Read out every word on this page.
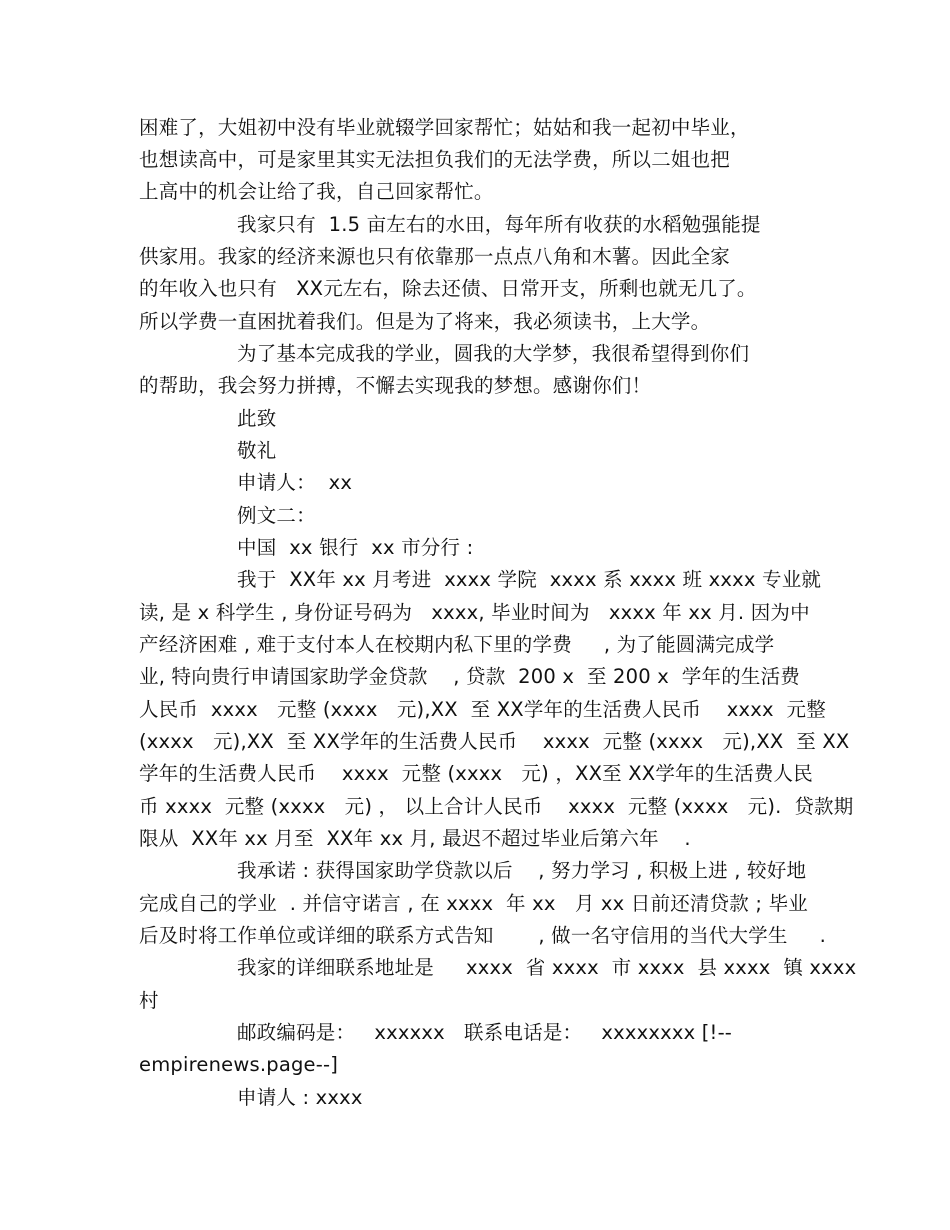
困难了，大姐初中没有毕业就辍学回家帮忙；姑姑和我一起初中毕业，
也想读高中，可是家里其实无法担负我们的无法学费，所以二姐也把
上高中的机会让给了我，自己回家帮忙。
我家只有  1.5 亩左右的水田，每年所有收获的水稻勉强能提
供家用。我家的经济来源也只有依靠那一点点八角和木薯。因此全家
的年收入也只有   XX元左右，除去还债、日常开支，所剩也就无几了。
所以学费一直困扰着我们。但是为了将来，我必须读书，上大学。
为了基本完成我的学业，圆我的大学梦，我很希望得到你们
的帮助，我会努力拼搏，不懈去实现我的梦想。感谢你们！
此致
敬礼
申请人：  xx
例文二：
中国  xx 银行  xx 市分行 :
我于  XX年 xx 月考进  xxxx 学院  xxxx 系 xxxx 班 xxxx 专业就
读, 是 x 科学生 , 身份证号码为   xxxx, 毕业时间为   xxxx 年 xx 月. 因为中
产经济困难 , 难于支付本人在校期内私下里的学费     , 为了能圆满完成学
业, 特向贵行申请国家助学金贷款    , 贷款  200 x  至 200 x  学年的生活费
人民币  xxxx   元整 (xxxx   元),XX  至 XX学年的生活费人民币    xxxx  元整
(xxxx   元),XX  至 XX学年的生活费人民币    xxxx  元整 (xxxx   元),XX  至 XX
学年的生活费人民币    xxxx  元整 (xxxx   元) ，XX至 XX学年的生活费人民
币 xxxx  元整 (xxxx   元) ， 以上合计人民币    xxxx  元整 (xxxx   元).  贷款期
限从  XX年 xx 月至  XX年 xx 月, 最迟不超过毕业后第六年    .
我承诺 : 获得国家助学贷款以后    , 努力学习 , 积极上进 , 较好地
完成自己的学业  . 并信守诺言 , 在 xxxx  年 xx   月 xx 日前还清贷款 ; 毕业
后及时将工作单位或详细的联系方式告知       , 做一名守信用的当代大学生     .
我家的详细联系地址是     xxxx  省 xxxx  市 xxxx  县 xxxx  镇 xxxx
村
邮政编码是：   xxxxxx   联系电话是：   xxxxxxxx [!--
empirenews.page--]
申请人 : xxxx
